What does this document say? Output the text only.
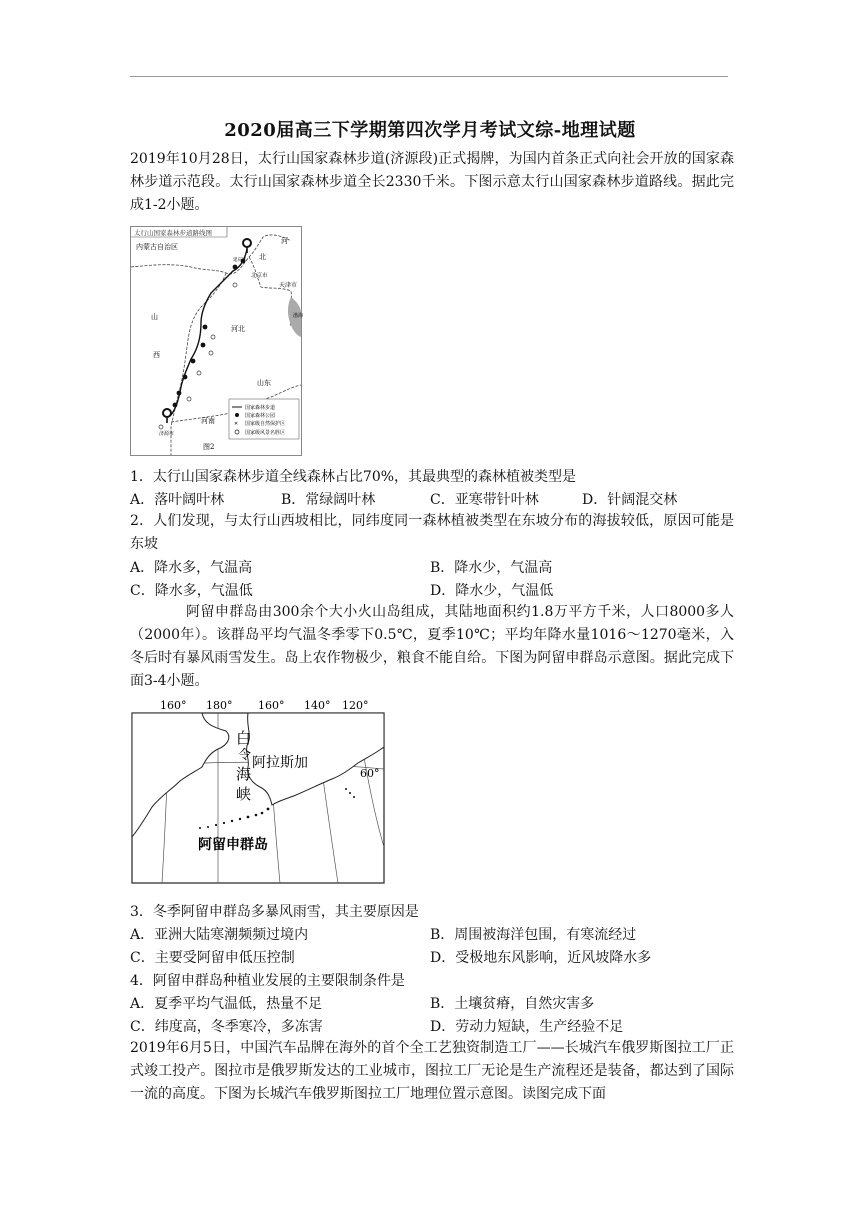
2020届高三下学期第四次学月考试文综-地理试题
2019年10月28日，太行山国家森林步道(济源段)正式揭牌，为国内首条正式向社会开放的国家森林步道示范段。太行山国家森林步道全长2330千米。下图示意太行山国家森林步道路线。据此完成1-2小题。
太行山国家森林步道路线图
内蒙古自治区
河
北
北京市
天津市
渤海
山
西
河北
山东
河南
济源市
延庆区
国家森林步道
国家森林公园
✕ 国家级自然保护区
国家级风景名胜区
图2
1．太行山国家森林步道全线森林占比70%，其最典型的森林植被类型是
A．落叶阔叶林	B．常绿阔叶林	C．亚寒带针叶林	D．针阔混交林
2．人们发现，与太行山西坡相比，同纬度同一森林植被类型在东坡分布的海拔较低，原因可能是东坡
A．降水多，气温高	B．降水少，气温高
C．降水多，气温低	D．降水少，气温低
阿留申群岛由300余个大小火山岛组成，其陆地面积约1.8万平方千米，人口8000多人（2000年）。该群岛平均气温冬季零下0.5℃，夏季10℃；平均年降水量1016～1270毫米，入冬后时有暴风雨雪发生。岛上农作物极少，粮食不能自给。下图为阿留申群岛示意图。据此完成下面3-4小题。
160° 180° 160° 140° 120°
60°
白
令
海
峡
阿拉斯加
阿留申群岛
3．冬季阿留申群岛多暴风雨雪，其主要原因是
A．亚洲大陆寒潮频频过境内	B．周围被海洋包围，有寒流经过
C．主要受阿留申低压控制	D．受极地东风影响，近风坡降水多
4．阿留申群岛种植业发展的主要限制条件是
A．夏季平均气温低，热量不足	B．土壤贫瘠，自然灾害多
C．纬度高，冬季寒冷，多冻害	D．劳动力短缺，生产经验不足
2019年6月5日，中国汽车品牌在海外的首个全工艺独资制造工厂——长城汽车俄罗斯图拉工厂正式竣工投产。图拉市是俄罗斯发达的工业城市，图拉工厂无论是生产流程还是装备，都达到了国际一流的高度。下图为长城汽车俄罗斯图拉工厂地理位置示意图。读图完成下面
